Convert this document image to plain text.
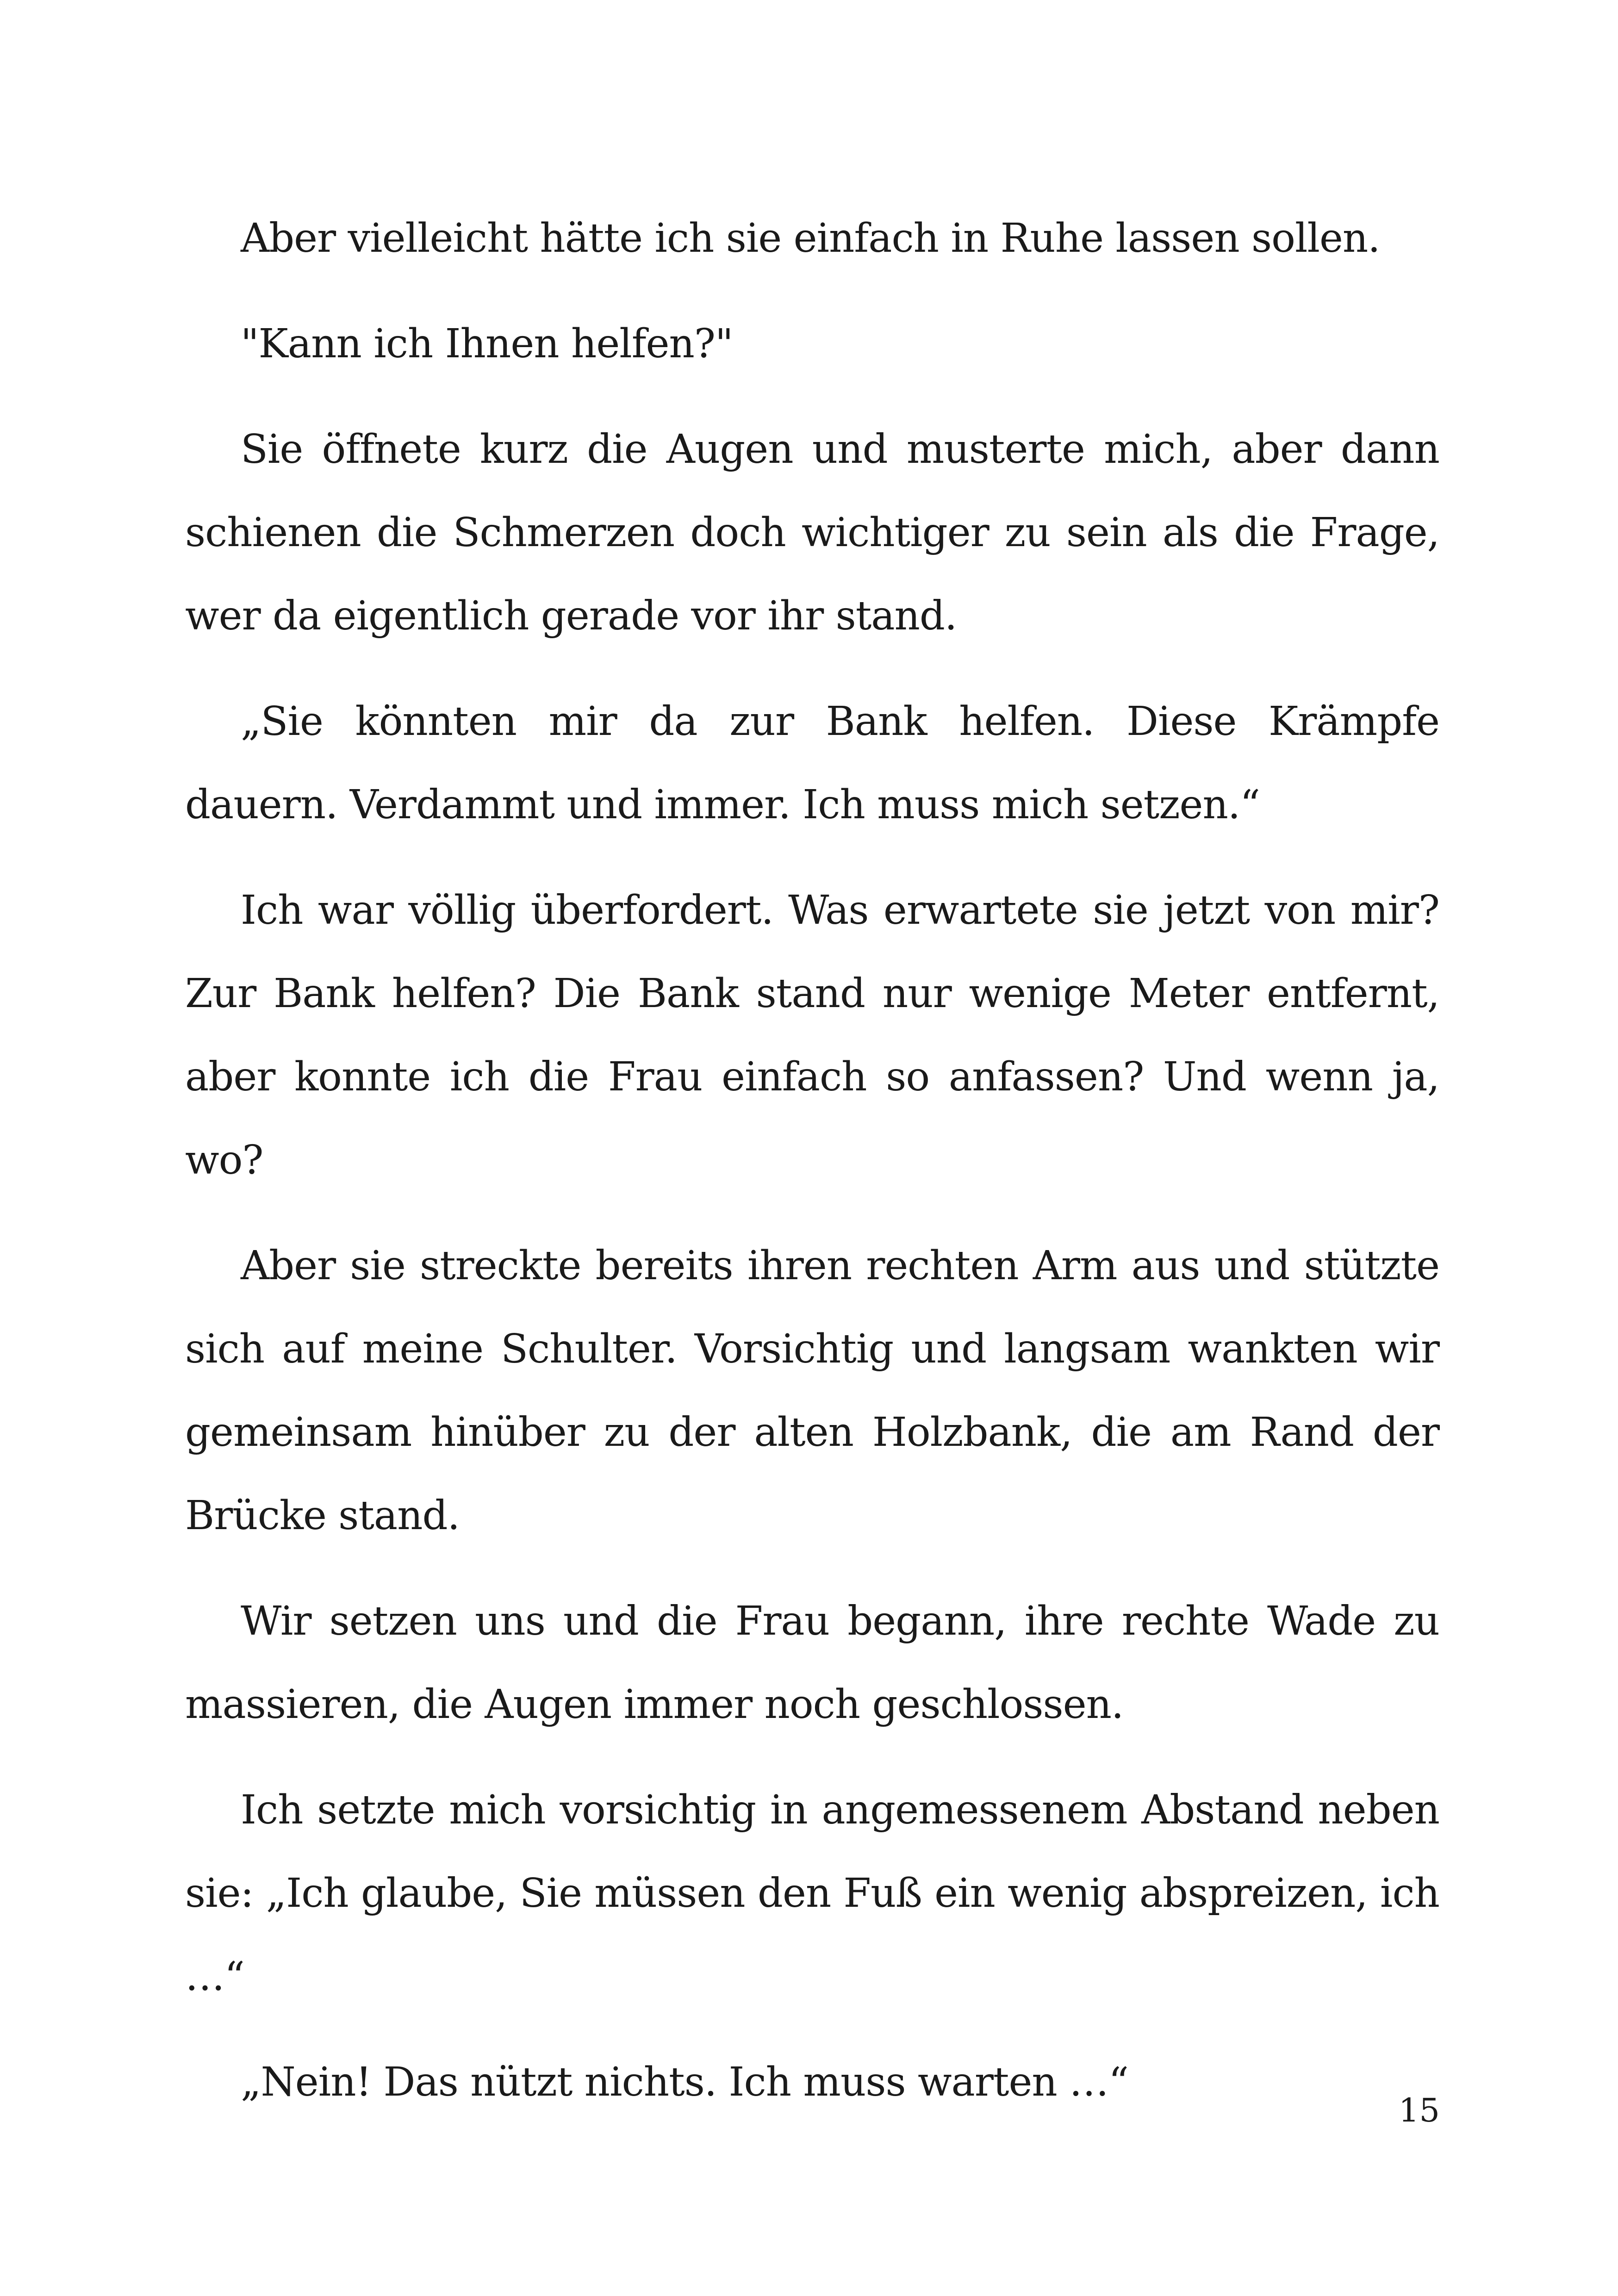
Aber vielleicht hätte ich sie einfach in Ruhe lassen sollen.

"Kann ich Ihnen helfen?"

Sie öffnete kurz die Augen und musterte mich, aber dann schienen die Schmerzen doch wichtiger zu sein als die Frage, wer da eigentlich gerade vor ihr stand.

„Sie könnten mir da zur Bank helfen. Diese Krämpfe dauern. Verdammt und immer. Ich muss mich setzen.“

Ich war völlig überfordert. Was erwartete sie jetzt von mir? Zur Bank helfen? Die Bank stand nur wenige Meter entfernt, aber konnte ich die Frau einfach so anfassen? Und wenn ja, wo?

Aber sie streckte bereits ihren rechten Arm aus und stützte sich auf meine Schulter. Vorsichtig und langsam wankten wir gemeinsam hinüber zu der alten Holzbank, die am Rand der Brücke stand.

Wir setzen uns und die Frau begann, ihre rechte Wade zu massieren, die Augen immer noch geschlossen.

Ich setzte mich vorsichtig in angemessenem Abstand neben sie: „Ich glaube, Sie müssen den Fuß ein wenig abspreizen, ich …“

„Nein! Das nützt nichts. Ich muss warten …“

15
